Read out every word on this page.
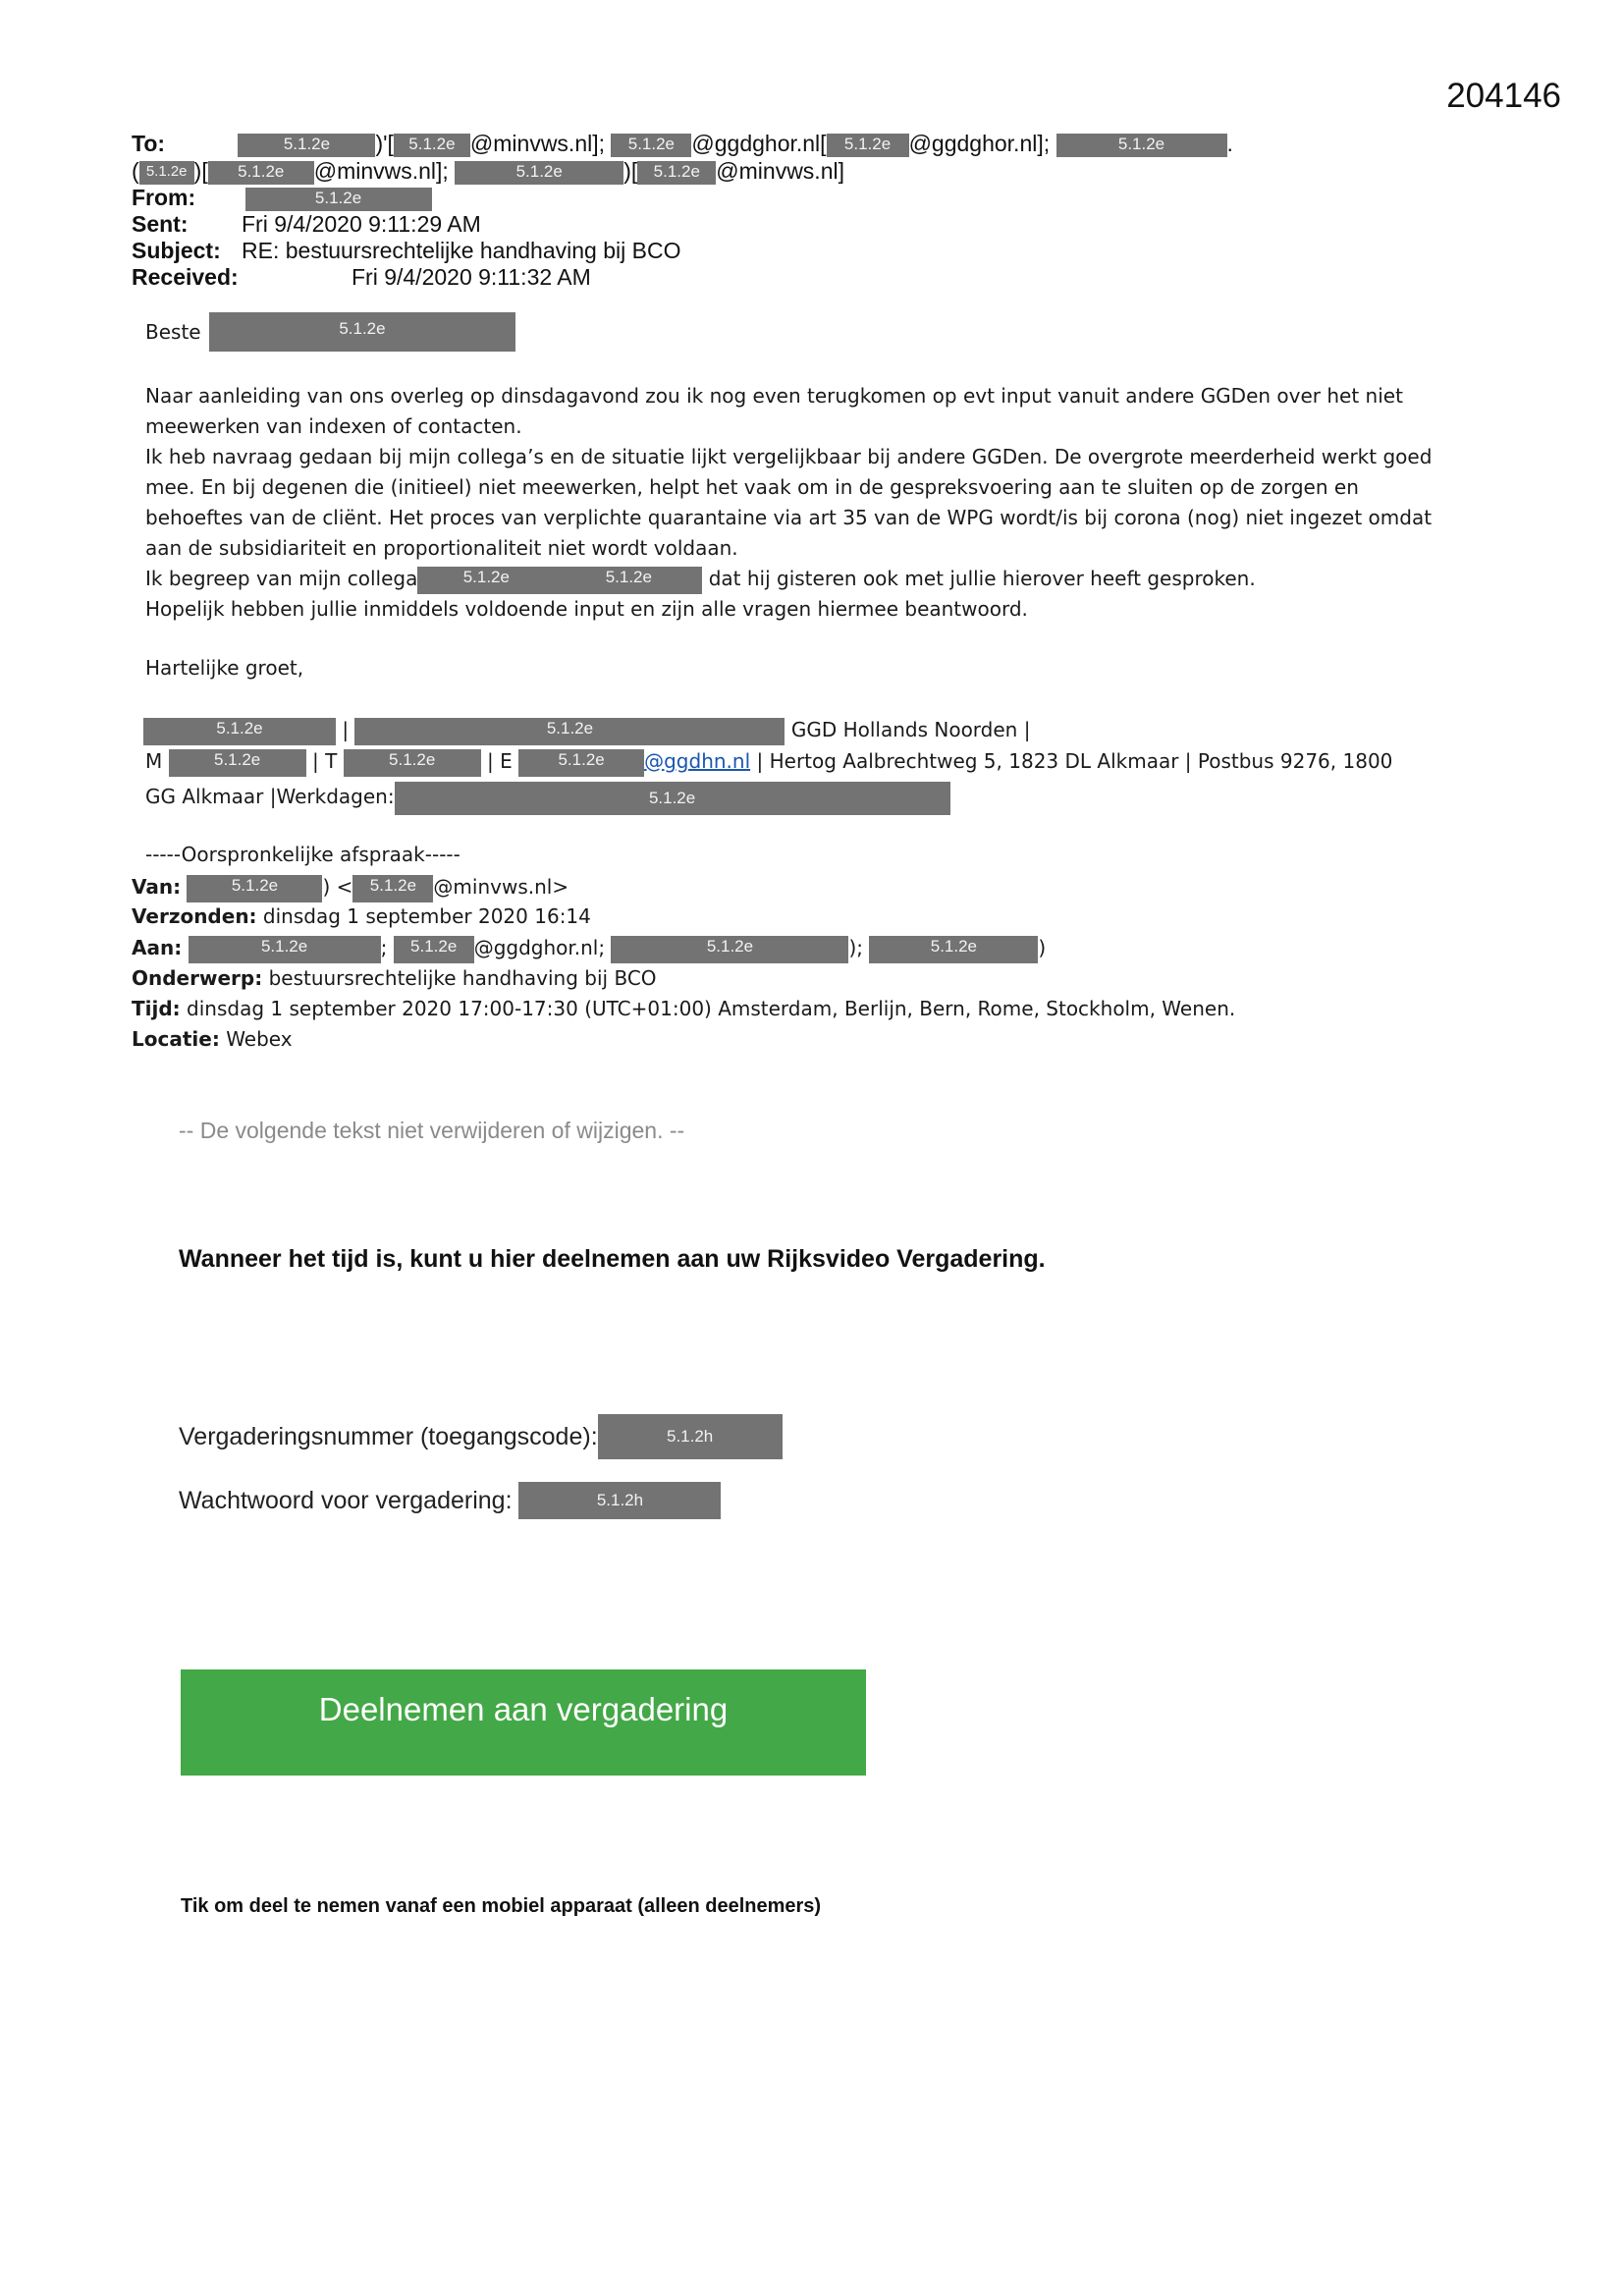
204146
To:	5.1.2e )'[ 5.1.2e @minvws.nl]; 5.1.2e @ggdghor.nl[ 5.1.2e @ggdghor.nl];	5.1.2e	.
( 5.1.2e )[ 5.1.2e @minvws.nl];	5.1.2e	)[ 5.1.2e @minvws.nl]
From:	5.1.2e
Sent: Fri 9/4/2020 9:11:29 AM
Subject: RE: bestuursrechtelijke handhaving bij BCO
Received:	Fri 9/4/2020 9:11:32 AM
Beste	5.1.2e
Naar aanleiding van ons overleg op dinsdagavond zou ik nog even terugkomen op evt input vanuit andere GGDen over het niet
meewerken van indexen of contacten.
Ik heb navraag gedaan bij mijn collega’s en de situatie lijkt vergelijkbaar bij andere GGDen. De overgrote meerderheid werkt goed
mee. En bij degenen die (initieel) niet meewerken, helpt het vaak om in de gespreksvoering aan te sluiten op de zorgen en
behoeftes van de cliënt. Het proces van verplichte quarantaine via art 35 van de WPG wordt/is bij corona (nog) niet ingezet omdat
aan de subsidiariteit en proportionaliteit niet wordt voldaan.
Ik begreep van mijn collega	5.1.2e	5.1.2e	dat hij gisteren ook met jullie hierover heeft gesproken.
Hopelijk hebben jullie inmiddels voldoende input en zijn alle vragen hiermee beantwoord.
Hartelijke groet,
5.1.2e	|	5.1.2e	GGD Hollands Noorden |
M	5.1.2e	| T	5.1.2e	| E	5.1.2e @ggdhn.nl | Hertog Aalbrechtweg 5, 1823 DL Alkmaar | Postbus 9276, 1800
GG Alkmaar |Werkdagen:	5.1.2e
-----Oorspronkelijke afspraak-----
Van:	5.1.2e ) < 5.1.2e @minvws.nl>
Verzonden: dinsdag 1 september 2020 16:14
Aan:	5.1.2e	; 5.1.2e @ggdghor.nl;	5.1.2e	);	5.1.2e	)
Onderwerp: bestuursrechtelijke handhaving bij BCO
Tijd: dinsdag 1 september 2020 17:00-17:30 (UTC+01:00) Amsterdam, Berlijn, Bern, Rome, Stockholm, Wenen.
Locatie: Webex
-- De volgende tekst niet verwijderen of wijzigen. --
Wanneer het tijd is, kunt u hier deelnemen aan uw Rijksvideo Vergadering.
Vergaderingsnummer (toegangscode):	5.1.2h
Wachtwoord voor vergadering:	5.1.2h
Deelnemen aan vergadering
Tik om deel te nemen vanaf een mobiel apparaat (alleen deelnemers)
